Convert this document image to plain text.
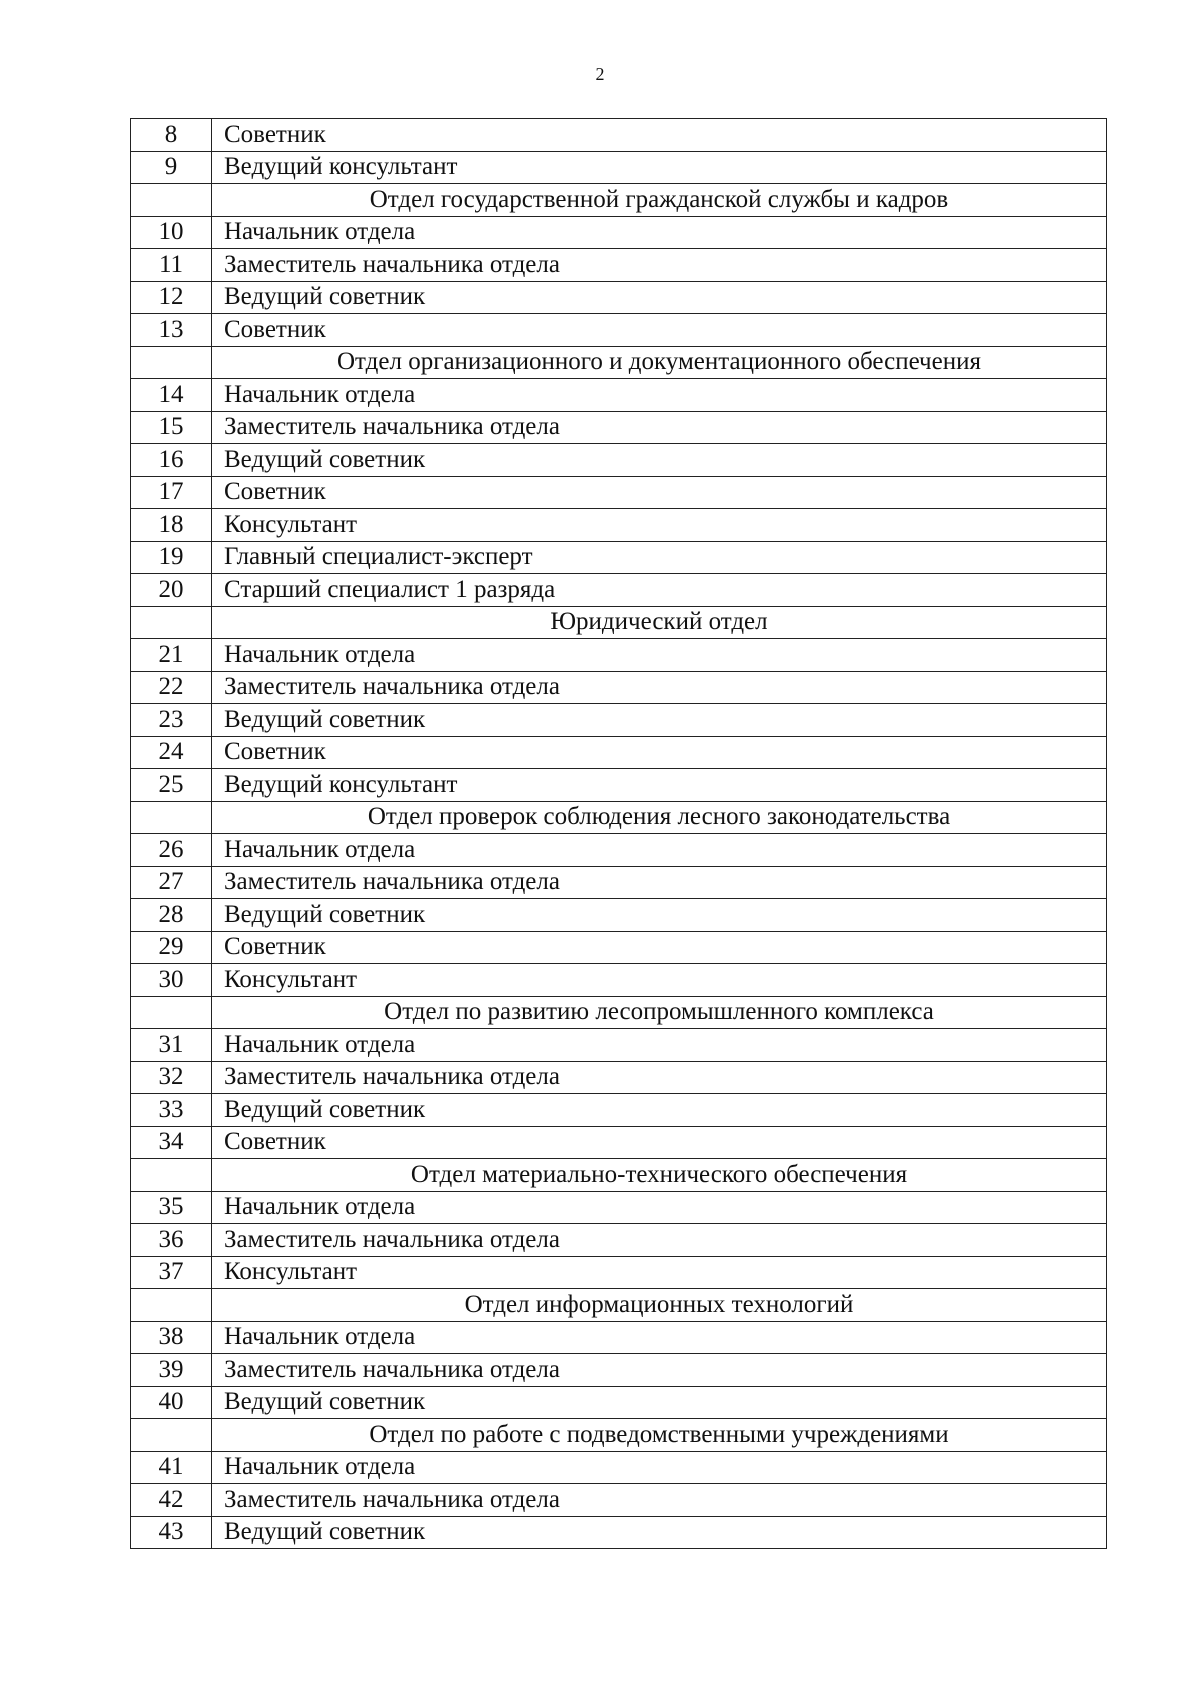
2
8	Советник
9	Ведущий консультант
	Отдел государственной гражданской службы и кадров
10	Начальник отдела
11	Заместитель начальника отдела
12	Ведущий советник
13	Советник
	Отдел организационного и документационного обеспечения
14	Начальник отдела
15	Заместитель начальника отдела
16	Ведущий советник
17	Советник
18	Консультант
19	Главный специалист-эксперт
20	Старший специалист 1 разряда
	Юридический отдел
21	Начальник отдела
22	Заместитель начальника отдела
23	Ведущий советник
24	Советник
25	Ведущий консультант
	Отдел проверок соблюдения лесного законодательства
26	Начальник отдела
27	Заместитель начальника отдела
28	Ведущий советник
29	Советник
30	Консультант
	Отдел по развитию лесопромышленного комплекса
31	Начальник отдела
32	Заместитель начальника отдела
33	Ведущий советник
34	Советник
	Отдел материально-технического обеспечения
35	Начальник отдела
36	Заместитель начальника отдела
37	Консультант
	Отдел информационных технологий
38	Начальник отдела
39	Заместитель начальника отдела
40	Ведущий советник
	Отдел по работе с подведомственными учреждениями
41	Начальник отдела
42	Заместитель начальника отдела
43	Ведущий советник
